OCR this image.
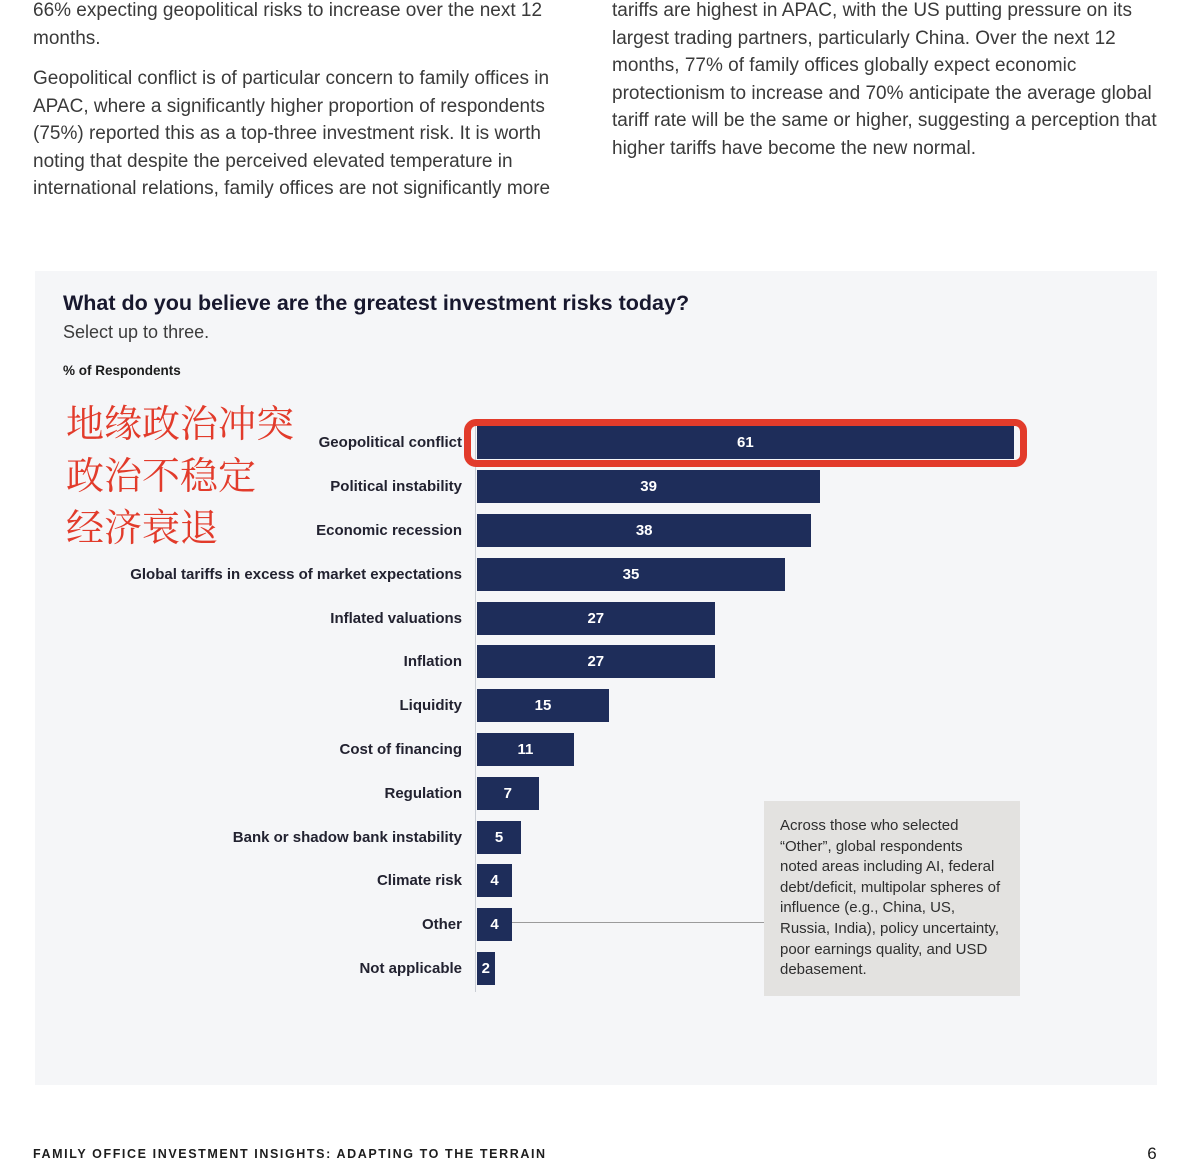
66% expecting geopolitical risks to increase over the next 12 months.

Geopolitical conflict is of particular concern to family offices in APAC, where a significantly higher proportion of respondents (75%) reported this as a top-three investment risk. It is worth noting that despite the perceived elevated temperature in international relations, family offices are not significantly more

tariffs are highest in APAC, with the US putting pressure on its largest trading partners, particularly China. Over the next 12 months, 77% of family offices globally expect economic protectionism to increase and 70% anticipate the average global tariff rate will be the same or higher, suggesting a perception that higher tariffs have become the new normal.

What do you believe are the greatest investment risks today?
Select up to three.
% of Respondents
地缘政治冲突
政治不稳定
经济衰退
Geopolitical conflict	61
Political instability	39
Economic recession	38
Global tariffs in excess of market expectations	35
Inflated valuations	27
Inflation	27
Liquidity	15
Cost of financing	11
Regulation	7
Bank or shadow bank instability 5
Climate risk 4
Other 4
Not applicable 2
Across those who selected “Other”, global respondents noted areas including AI, federal debt/deficit, multipolar spheres of influence (e.g., China, US, Russia, India), policy uncertainty, poor earnings quality, and USD debasement.
FAMILY OFFICE INVESTMENT INSIGHTS: ADAPTING TO THE TERRAIN	6
